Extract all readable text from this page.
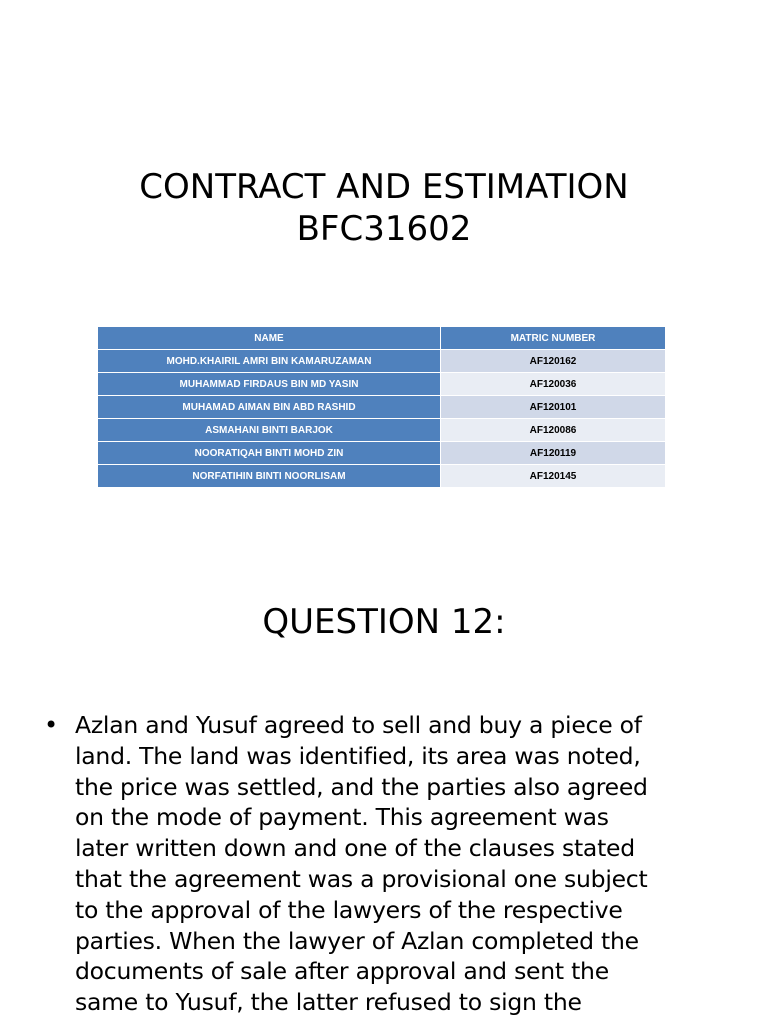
CONTRACT AND ESTIMATION
BFC31602
NAME	MATRIC NUMBER
MOHD.KHAIRIL AMRI BIN KAMARUZAMAN	AF120162
MUHAMMAD FIRDAUS BIN MD YASIN	AF120036
MUHAMAD AIMAN BIN ABD RASHID	AF120101
ASMAHANI BINTI BARJOK	AF120086
NOORATIQAH BINTI MOHD ZIN	AF120119
NORFATIHIN BINTI NOORLISAM	AF120145
QUESTION 12:
• Azlan and Yusuf agreed to sell and buy a piece of
land. The land was identified, its area was noted,
the price was settled, and the parties also agreed
on the mode of payment. This agreement was
later written down and one of the clauses stated
that the agreement was a provisional one subject
to the approval of the lawyers of the respective
parties. When the lawyer of Azlan completed the
documents of sale after approval and sent the
same to Yusuf, the latter refused to sign the
